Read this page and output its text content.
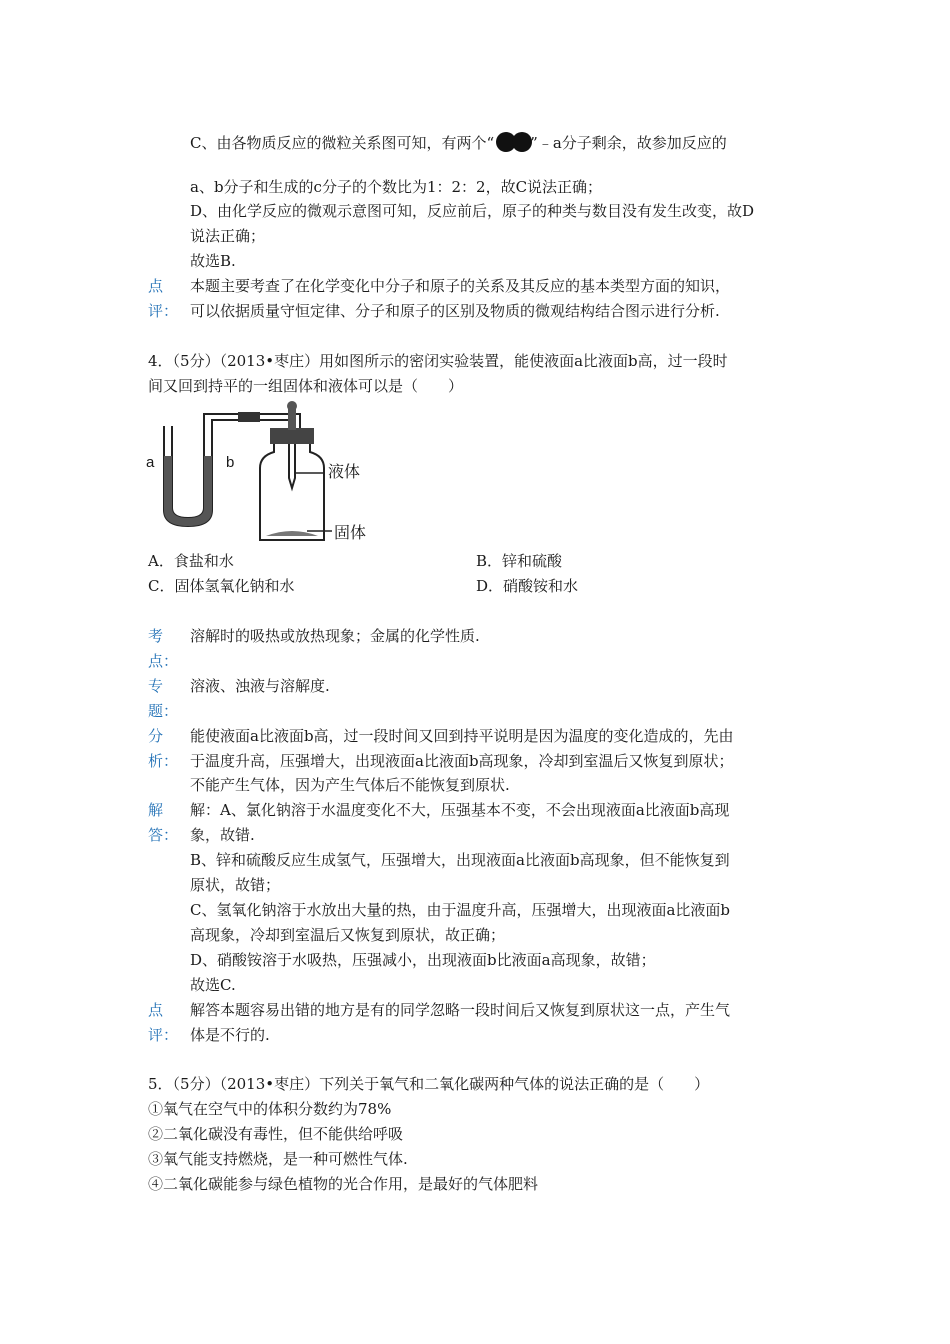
C、由各物质反应的微粒关系图可知，有两个“ ”﹣a分子剩余，故参加反应的
a、b分子和生成的c分子的个数比为1：2：2，故C说法正确；
D、由化学反应的微观示意图可知，反应前后，原子的种类与数目没有发生改变，故D
说法正确；
故选B.
点
评：
本题主要考查了在化学变化中分子和原子的关系及其反应的基本类型方面的知识，
可以依据质量守恒定律、分子和原子的区别及物质的微观结构结合图示进行分析.
4．（5分）（2013•枣庄）用如图所示的密闭实验装置，能使液面a比液面b高，过一段时
间又回到持平的一组固体和液体可以是（　　）
a	b	液体
固体
A．食盐和水	B．锌和硫酸
C．固体氢氧化钠和水	D．硝酸铵和水
考
点：
溶解时的吸热或放热现象；金属的化学性质.
专
题：
溶液、浊液与溶解度.
分
析：
能使液面a比液面b高，过一段时间又回到持平说明是因为温度的变化造成的，先由
于温度升高，压强增大，出现液面a比液面b高现象，冷却到室温后又恢复到原状；
不能产生气体，因为产生气体后不能恢复到原状.
解
答：
解：A、氯化钠溶于水温度变化不大，压强基本不变，不会出现液面a比液面b高现
象，故错.
B、锌和硫酸反应生成氢气，压强增大，出现液面a比液面b高现象，但不能恢复到
原状，故错；
C、氢氧化钠溶于水放出大量的热，由于温度升高，压强增大，出现液面a比液面b
高现象，冷却到室温后又恢复到原状，故正确；
D、硝酸铵溶于水吸热，压强减小，出现液面b比液面a高现象，故错；
故选C.
点
评：
解答本题容易出错的地方是有的同学忽略一段时间后又恢复到原状这一点，产生气
体是不行的.
5．（5分）（2013•枣庄）下列关于氧气和二氧化碳两种气体的说法正确的是（　　）
①氧气在空气中的体积分数约为78%
②二氧化碳没有毒性，但不能供给呼吸
③氧气能支持燃烧，是一种可燃性气体.
④二氧化碳能参与绿色植物的光合作用，是最好的气体肥料
